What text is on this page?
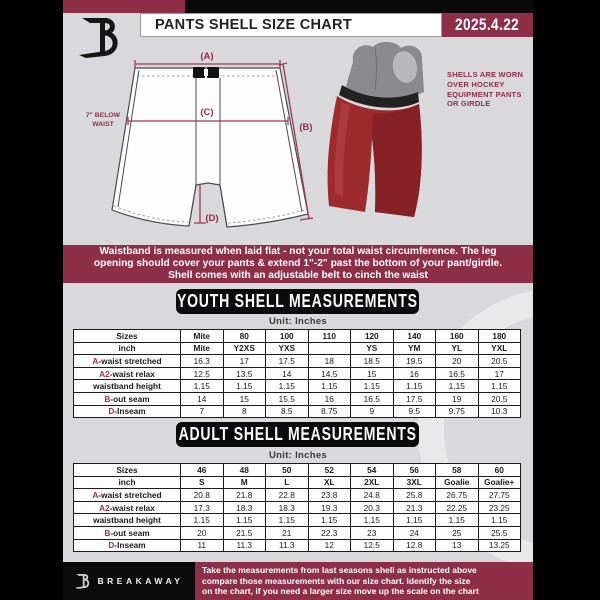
PANTS SHELL SIZE CHART	2025.4.22
(A)
(B)
(C)
(D)
7" BELOW
WAIST
SHELLS ARE WORN
OVER HOCKEY
EQUIPMENT PANTS
OR GIRDLE
Waistband is measured when laid flat - not your total waist circumference. The leg
opening should cover your pants & extend 1"-2" past the bottom of your pant/girdle.
Shell comes with an adjustable belt to cinch the waist
YOUTH SHELL MEASUREMENTS
Unit: Inches
Sizes	Mite	80	100	110	120	140	160	180
inch	Mite	Y2XS	YXS		YS	YM	YL	YXL
A-waist stretched	16.3	17	17.5	18	18.5	19.5	20	20.5
A2-waist relax	12.5	13.5	14	14.5	15	16	16.5	17
waistband height	1.15	1.15	1.15	1.15	1.15	1.15	1.15	1.15
B-out seam	14	15	15.5	16	16.5	17.5	19	20.5
D-Inseam	7	8	8.5	8.75	9	9.5	9.75	10.3
ADULT SHELL MEASUREMENTS
Unit: Inches
Sizes	46	48	50	52	54	56	58	60
inch	S	M	L	XL	2XL	3XL	Goalie	Goalie+
A-waist stretched	20.8	21.8	22.8	23.8	24.8	25.8	26.75	27.75
A2-waist relax	17.3	18.3	18.3	19.3	20.3	21.3	22.25	23.25
waistband height	1.15	1.15	1.15	1.15	1.15	1.15	1.15	1.15
B-out seam	20	21.5	21	22.3	23	24	25	25.5
D-Inseam	11	11.3	11.3	12	12.5	12.8	13	13.25
BREAKAWAY
Take the measurements from last seasons shell as instructed above
compare those measurements with our size chart. Identify the size
on the chart, if you need a larger size move up the scale on the chart
